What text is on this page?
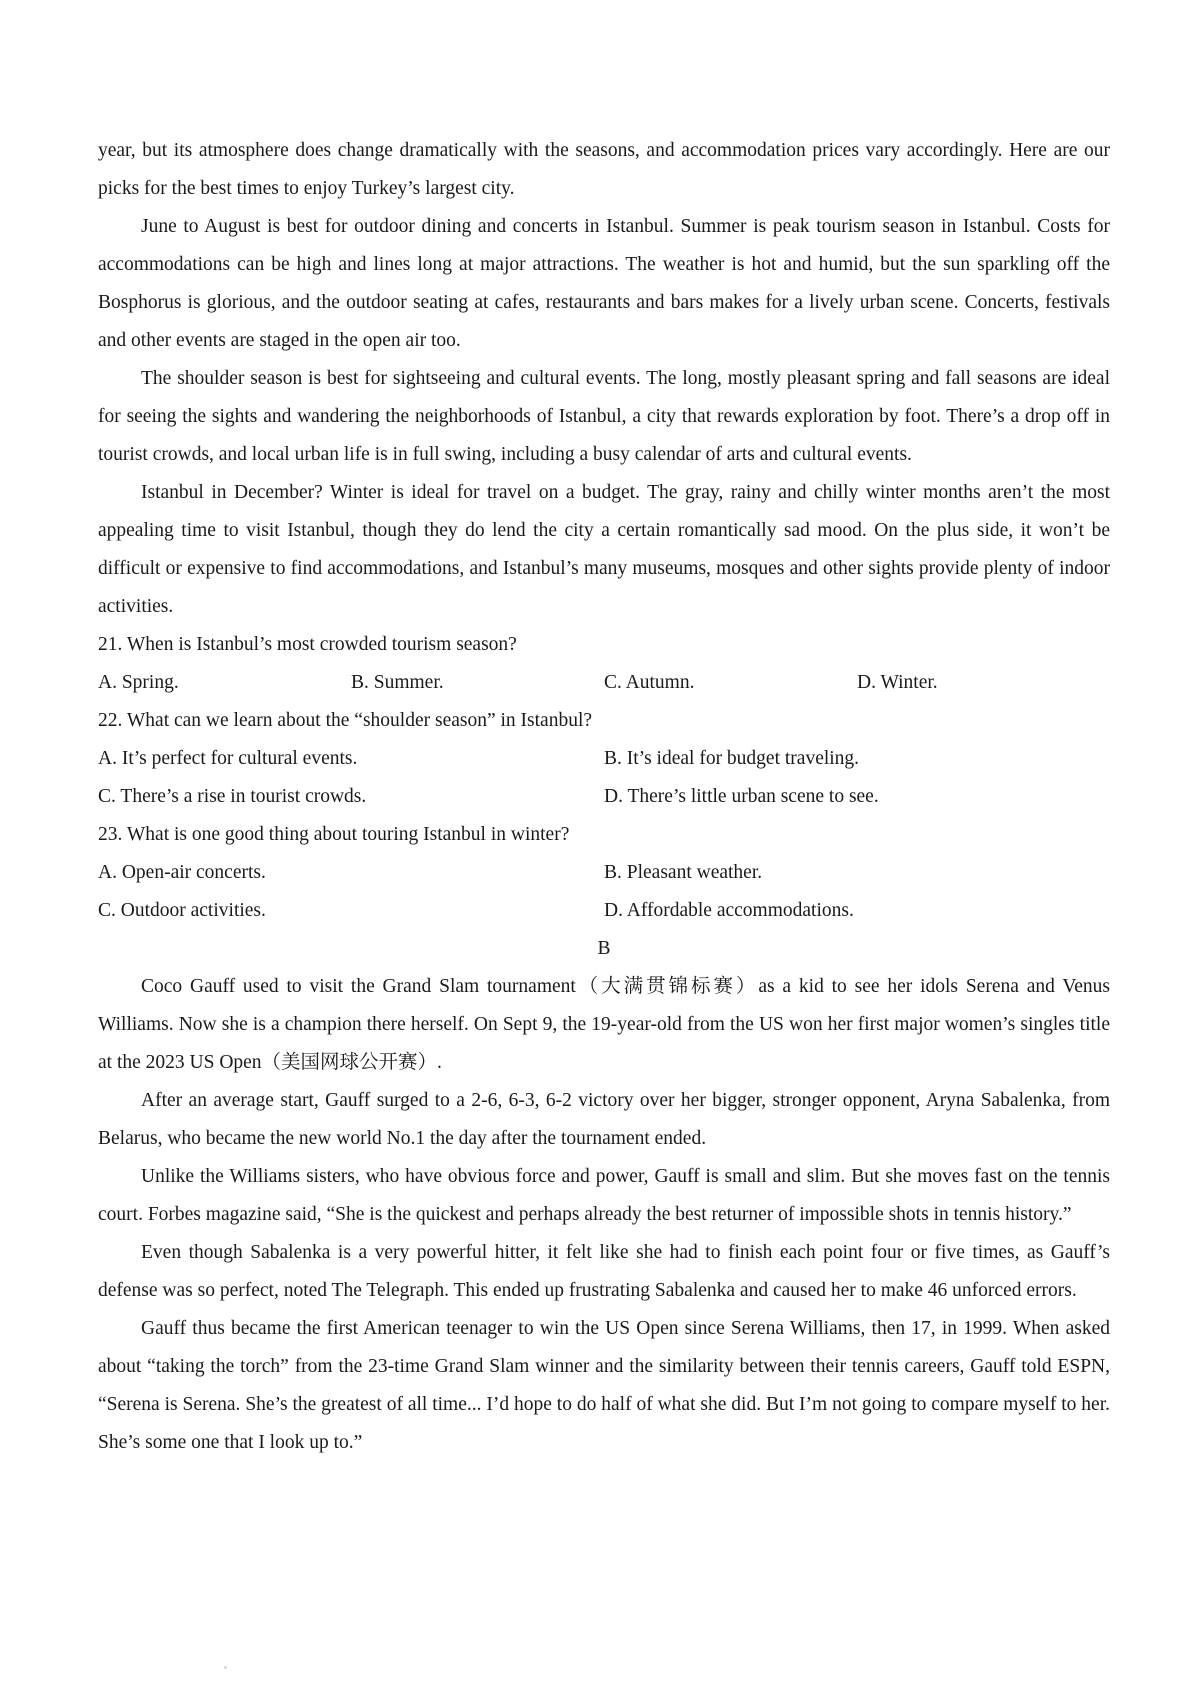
year, but its atmosphere does change dramatically with the seasons, and accommodation prices vary accordingly. Here are our picks for the best times to enjoy Turkey’s largest city.

June to August is best for outdoor dining and concerts in Istanbul. Summer is peak tourism season in Istanbul. Costs for accommodations can be high and lines long at major attractions. The weather is hot and humid, but the sun sparkling off the Bosphorus is glorious, and the outdoor seating at cafes, restaurants and bars makes for a lively urban scene. Concerts, festivals and other events are staged in the open air too.

The shoulder season is best for sightseeing and cultural events. The long, mostly pleasant spring and fall seasons are ideal for seeing the sights and wandering the neighborhoods of Istanbul, a city that rewards exploration by foot. There’s a drop off in tourist crowds, and local urban life is in full swing, including a busy calendar of arts and cultural events.

Istanbul in December? Winter is ideal for travel on a budget. The gray, rainy and chilly winter months aren’t the most appealing time to visit Istanbul, though they do lend the city a certain romantically sad mood. On the plus side, it won’t be difficult or expensive to find accommodations, and Istanbul’s many museums, mosques and other sights provide plenty of indoor activities.

21. When is Istanbul’s most crowded tourism season?

A. Spring.	B. Summer.	C. Autumn.	D. Winter.

22. What can we learn about the “shoulder season” in Istanbul?

A. It’s perfect for cultural events.	B. It’s ideal for budget traveling.
C. There’s a rise in tourist crowds.	D. There’s little urban scene to see.

23. What is one good thing about touring Istanbul in winter?

A. Open-air concerts.	B. Pleasant weather.
C. Outdoor activities.	D. Affordable accommodations.

B

Coco Gauff used to visit the Grand Slam tournament（大满贯锦标赛）as a kid to see her idols Serena and Venus Williams. Now she is a champion there herself. On Sept 9, the 19-year-old from the US won her first major women’s singles title at the 2023 US Open（美国网球公开赛）.

After an average start, Gauff surged to a 2-6, 6-3, 6-2 victory over her bigger, stronger opponent, Aryna Sabalenka, from Belarus, who became the new world No.1 the day after the tournament ended.

Unlike the Williams sisters, who have obvious force and power, Gauff is small and slim. But she moves fast on the tennis court. Forbes magazine said, “She is the quickest and perhaps already the best returner of impossible shots in tennis history.”

Even though Sabalenka is a very powerful hitter, it felt like she had to finish each point four or five times, as Gauff’s defense was so perfect, noted The Telegraph. This ended up frustrating Sabalenka and caused her to make 46 unforced errors.

Gauff thus became the first American teenager to win the US Open since Serena Williams, then 17, in 1999. When asked about “taking the torch” from the 23-time Grand Slam winner and the similarity between their tennis careers, Gauff told ESPN, “Serena is Serena. She’s the greatest of all time... I’d hope to do half of what she did. But I’m not going to compare myself to her. She’s some one that I look up to.”
